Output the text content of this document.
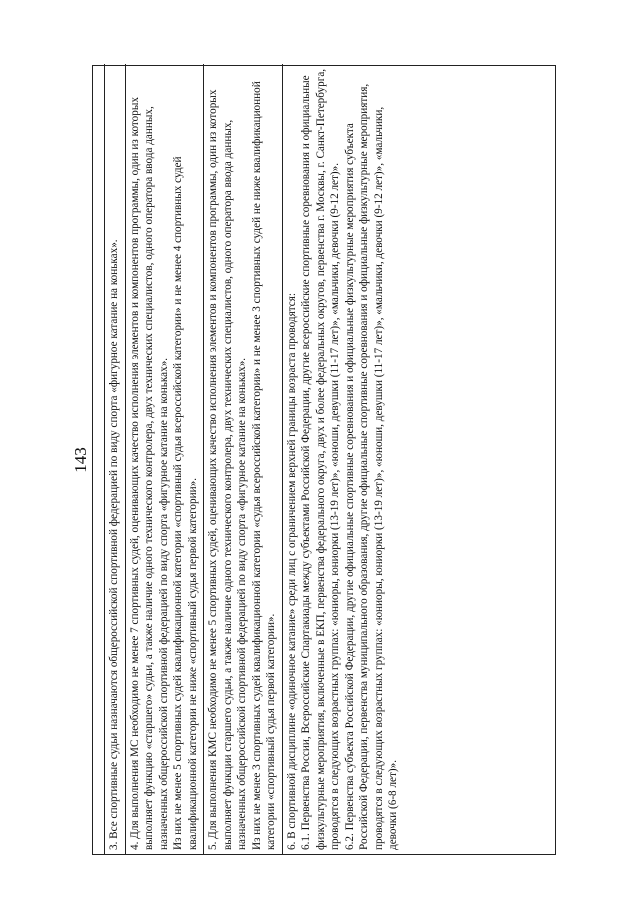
143 3. Все спортивные судьи назначаются общероссийской спортивной федерацией по виду спорта «фигурное катание на коньках». 4. Для выполнения МС необходимо не менее 7 спортивных судей, оценивающих качество исполнения элементов и компонентов программы, один из которых выполняет функцию «старшего» судьи, а также наличие одного технического контролера, двух технических специалистов, одного оператора ввода данных, назначенных общероссийской спортивной федерацией по виду спорта «фигурное катание на коньках». Из них не менее 5 спортивных судей квалификационной категории «спортивный судья всероссийской категории» и не менее 4 спортивных судей квалификационной категории не ниже «спортивный судья первой категории». 5. Для выполнения КМС необходимо не менее 5 спортивных судей, оценивающих качество исполнения элементов и компонентов программы, один из которых выполняет функции старшего судьи, а также наличие одного технического контролера, двух технических специалистов, одного оператора ввода данных, назначенных общероссийской спортивной федерацией по виду спорта «фигурное катание на коньках». Из них не менее 3 спортивных судей квалификационной категории «судья всероссийской категории» и не менее 3 спортивных судей не ниже квалификационной категории «спортивный судья первой категории». 6. В спортивной дисциплине «одиночное катание» среди лиц с ограничением верхней границы возраста проводятся: 6.1. Первенства России, Всероссийские Спартакиады между субъектами Российской Федерации, другие всероссийские спортивные соревнования и официальные физкультурные мероприятия, включенные в ЕКП, первенства федерального округа, двух и более федеральных округов, первенства г. Москвы, г. Санкт-Петербурга, проводятся в следующих возрастных группах: «юниоры, юниорки (13-19 лет)», «юноши, девушки (11-17 лет)», «мальчики, девочки (9-12 лет)». 6.2. Первенства субъекта Российской Федерации, другие официальные спортивные соревнования и официальные физкультурные мероприятия субъекта Российской Федерации, первенства муниципального образования, другие официальные спортивные соревнования и официальные физкультурные мероприятия, проводятся в следующих возрастных группах: «юниоры, юниорки (13-19 лет)», «юноши, девушки (11-17 лет)», «мальчики, девочки (9-12 лет)», «мальчики, девочки (6-8 лет)».
